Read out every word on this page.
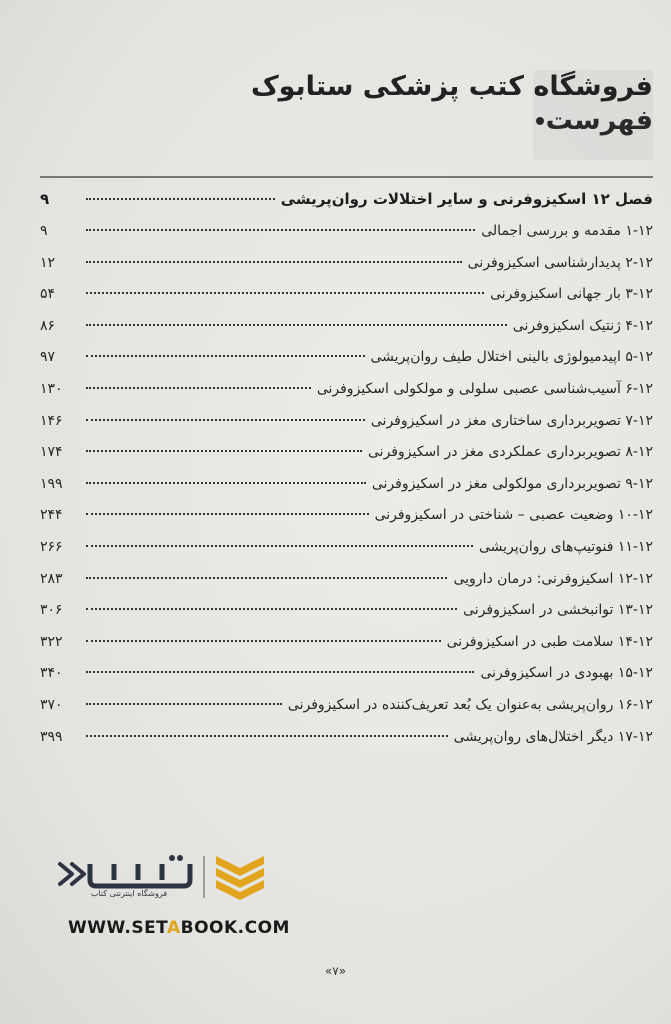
فروشگاه کتب پزشکی ستابوک
فهرست
فصل ۱۲ اسکیزوفرنی و سایر اختلالات روان‌پریشی
۹
۱-۱۲ مقدمه و بررسی اجمالی
۹
۲-۱۲ پدیدارشناسی اسکیزوفرنی
۱۲
۳-۱۲ بار جهانی اسکیزوفرنی
۵۴
۴-۱۲ ژنتیک اسکیزوفرنی
۸۶
۵-۱۲ اپیدمیولوژی بالینی اختلال طیف روان‌پریشی
۹۷
۶-۱۲ آسیب‌شناسی عصبی سلولی و مولکولی اسکیزوفرنی
۱۳۰
۷-۱۲ تصویربرداری ساختاری مغز در اسکیزوفرنی
۱۴۶
۸-۱۲ تصویربرداری عملکردی مغز در اسکیزوفرنی
۱۷۴
۹-۱۲ تصویربرداری مولکولی مغز در اسکیزوفرنی
۱۹۹
۱۰-۱۲ وضعیت عصبی – شناختی در اسکیزوفرنی
۲۴۴
۱۱-۱۲ فنوتیپ‌های روان‌پریشی
۲۶۶
۱۲-۱۲ اسکیزوفرنی: درمان دارویی
۲۸۳
۱۳-۱۲ توانبخشی در اسکیزوفرنی
۳۰۶
۱۴-۱۲ سلامت طبی در اسکیزوفرنی
۳۲۲
۱۵-۱۲ بهبودی در اسکیزوفرنی
۳۴۰
۱۶-۱۲ روان‌پریشی به‌عنوان یک بُعد تعریف‌کننده در اسکیزوفرنی
۳۷۰
۱۷-۱۲ دیگر اختلال‌های روان‌پریشی
۳۹۹
فروشگاه اینترنتی کتاب
WWW.SETABOOK.COM
«۷»
